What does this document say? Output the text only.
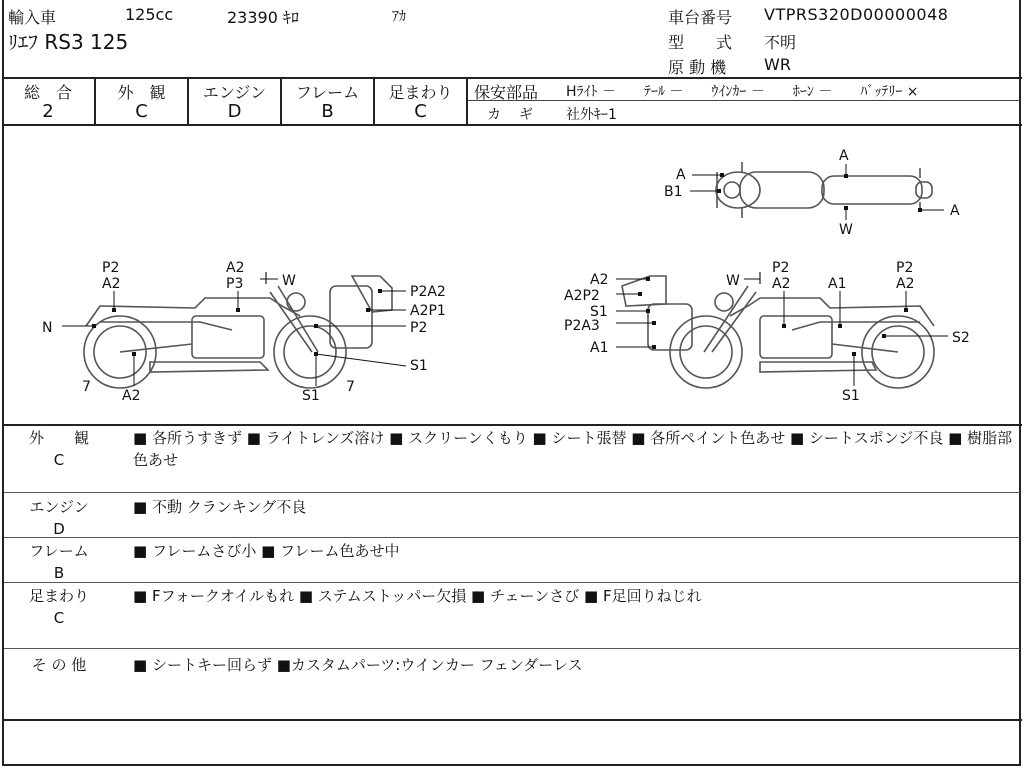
輸入車	125cc	23390 ｷﾛ	ｱｶ
ﾘｴﾌ RS3 125
車台番号 VTPRS320D00000048
型　　式 不明
原 動 機 WR
総　合
2
外　観
C
エンジン
D
フレーム
B
足まわり
C
保安部品 Hﾗｲﾄ －　　ﾃｰﾙ －　　ｳｲﾝｶｰ －　　ﾎｰﾝ －　　ﾊﾞｯﾃﾘｰ ×
カ　ギ 社外ｷｰ1
A
B1
A
W
A
P2
A2
A2
P3	W
P2A2
A2P1
P2
N
S1
7	7
A2	S1
A2
A2P2
S1
P2A3
A1
W
P2
A2	A1
P2
A2
S2
S1
外　　観
C
■ 各所うすきず ■ ライトレンズ溶け ■ スクリーンくもり ■ シート張替 ■ 各所ペイント色あせ ■ シートスポンジ不良 ■ 樹脂部色あせ
エンジン
D
■ 不動 クランキング不良
フレーム
B
■ フレームさび小 ■ フレーム色あせ中
足まわり
C
■ Fフォークオイルもれ ■ ステムストッパー欠損 ■ チェーンさび ■ F足回りねじれ
そ の 他	■ シートキー回らず ■カスタムパーツ:ウインカー フェンダーレス
